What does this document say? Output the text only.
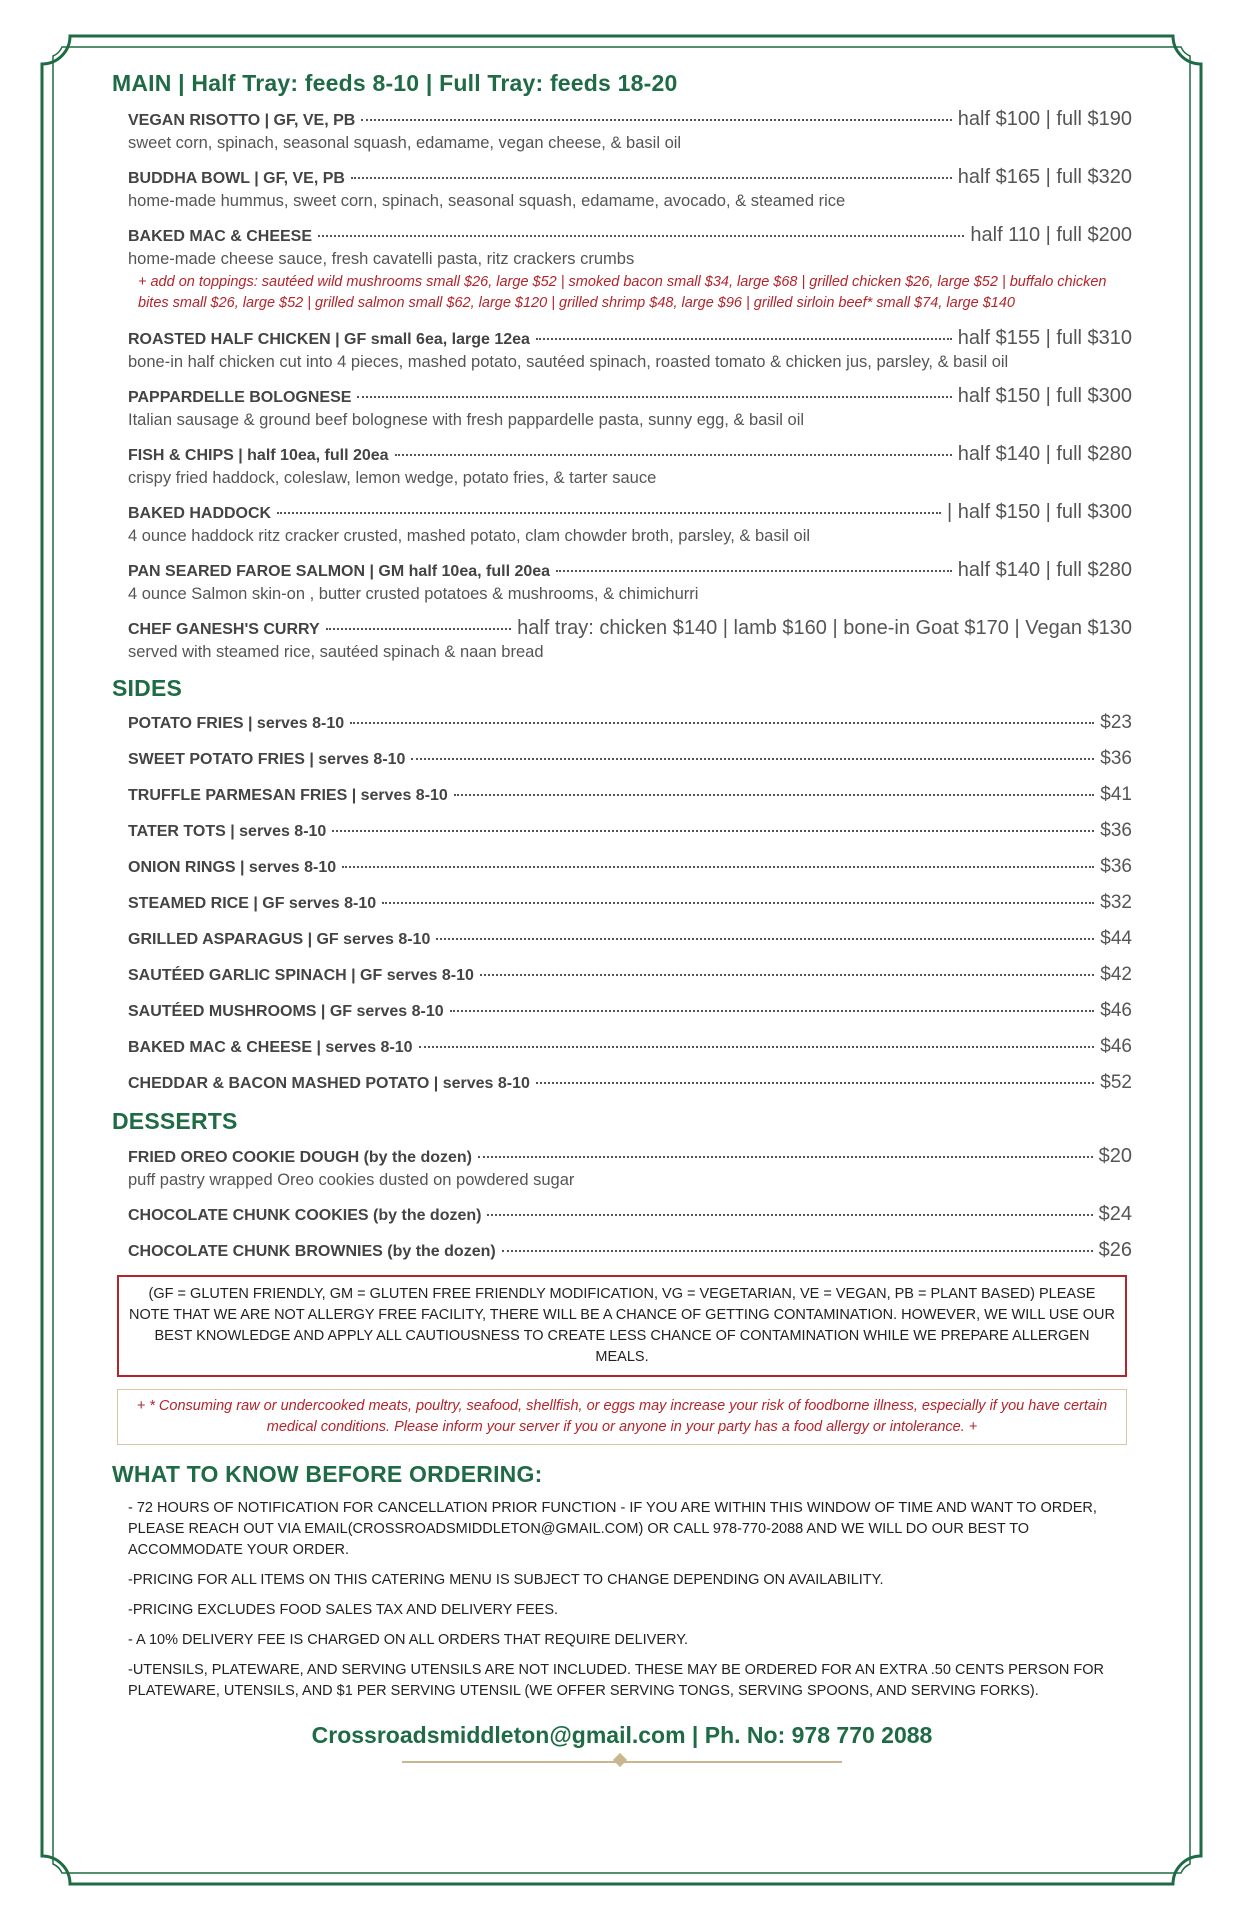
MAIN | Half Tray: feeds 8-10 | Full Tray: feeds 18-20
VEGAN RISOTTO | GF, VE, PB	half $100 | full $190
sweet corn, spinach, seasonal squash, edamame, vegan cheese, & basil oil
BUDDHA BOWL | GF, VE, PB	half $165 | full $320
home-made hummus, sweet corn, spinach, seasonal squash, edamame, avocado, & steamed rice
BAKED MAC & CHEESE	half 110 | full $200
home-made cheese sauce, fresh cavatelli pasta, ritz crackers crumbs
+ add on toppings: sautéed wild mushrooms small $26, large $52 | smoked bacon small $34, large $68 | grilled chicken $26, large $52 | buffalo chicken bites small $26, large $52 | grilled salmon small $62, large $120 | grilled shrimp $48, large $96 | grilled sirloin beef* small $74, large $140
ROASTED HALF CHICKEN | GF small 6ea, large 12ea	half $155 | full $310
bone-in half chicken cut into 4 pieces, mashed potato, sautéed spinach, roasted tomato & chicken jus, parsley, & basil oil
PAPPARDELLE BOLOGNESE	half $150 | full $300
Italian sausage & ground beef bolognese with fresh pappardelle pasta, sunny egg, & basil oil
FISH & CHIPS | half 10ea, full 20ea	half $140 | full $280
crispy fried haddock, coleslaw, lemon wedge, potato fries, & tarter sauce
BAKED HADDOCK	| half $150 | full $300
4 ounce haddock ritz cracker crusted, mashed potato, clam chowder broth, parsley, & basil oil
PAN SEARED FAROE SALMON | GM half 10ea, full 20ea	half $140 | full $280
4 ounce Salmon skin-on , butter crusted potatoes & mushrooms, & chimichurri
CHEF GANESH'S CURRY	half tray: chicken $140 | lamb $160 | bone-in Goat $170 | Vegan $130
served with steamed rice, sautéed spinach & naan bread
SIDES
POTATO FRIES | serves 8-10	$23
SWEET POTATO FRIES | serves 8-10	$36
TRUFFLE PARMESAN FRIES | serves 8-10	$41
TATER TOTS | serves 8-10	$36
ONION RINGS | serves 8-10	$36
STEAMED RICE | GF serves 8-10	$32
GRILLED ASPARAGUS | GF serves 8-10	$44
SAUTÉED GARLIC SPINACH | GF serves 8-10	$42
SAUTÉED MUSHROOMS | GF serves 8-10	$46
BAKED MAC & CHEESE | serves 8-10	$46
CHEDDAR & BACON MASHED POTATO | serves 8-10	$52
DESSERTS
FRIED OREO COOKIE DOUGH (by the dozen)	$20
puff pastry wrapped Oreo cookies dusted on powdered sugar
CHOCOLATE CHUNK COOKIES (by the dozen)	$24
CHOCOLATE CHUNK BROWNIES (by the dozen)	$26
(GF = GLUTEN FRIENDLY, GM = GLUTEN FREE FRIENDLY MODIFICATION, VG = VEGETARIAN, VE = VEGAN, PB = PLANT BASED) PLEASE NOTE THAT WE ARE NOT ALLERGY FREE FACILITY, THERE WILL BE A CHANCE OF GETTING CONTAMINATION. HOWEVER, WE WILL USE OUR BEST KNOWLEDGE AND APPLY ALL CAUTIOUSNESS TO CREATE LESS CHANCE OF CONTAMINATION WHILE WE PREPARE ALLERGEN MEALS.
+ * Consuming raw or undercooked meats, poultry, seafood, shellfish, or eggs may increase your risk of foodborne illness, especially if you have certain medical conditions. Please inform your server if you or anyone in your party has a food allergy or intolerance. +
WHAT TO KNOW BEFORE ORDERING:
- 72 HOURS OF NOTIFICATION FOR CANCELLATION PRIOR FUNCTION - IF YOU ARE WITHIN THIS WINDOW OF TIME AND WANT TO ORDER, PLEASE REACH OUT VIA EMAIL(CROSSROADSMIDDLETON@GMAIL.COM) OR CALL 978-770-2088 AND WE WILL DO OUR BEST TO ACCOMMODATE YOUR ORDER.
-PRICING FOR ALL ITEMS ON THIS CATERING MENU IS SUBJECT TO CHANGE DEPENDING ON AVAILABILITY.
-PRICING EXCLUDES FOOD SALES TAX AND DELIVERY FEES.
- A 10% DELIVERY FEE IS CHARGED ON ALL ORDERS THAT REQUIRE DELIVERY.
-UTENSILS, PLATEWARE, AND SERVING UTENSILS ARE NOT INCLUDED. THESE MAY BE ORDERED FOR AN EXTRA .50 CENTS PERSON FOR PLATEWARE, UTENSILS, AND $1 PER SERVING UTENSIL (WE OFFER SERVING TONGS, SERVING SPOONS, AND SERVING FORKS).
Crossroadsmiddleton@gmail.com | Ph. No: 978 770 2088
